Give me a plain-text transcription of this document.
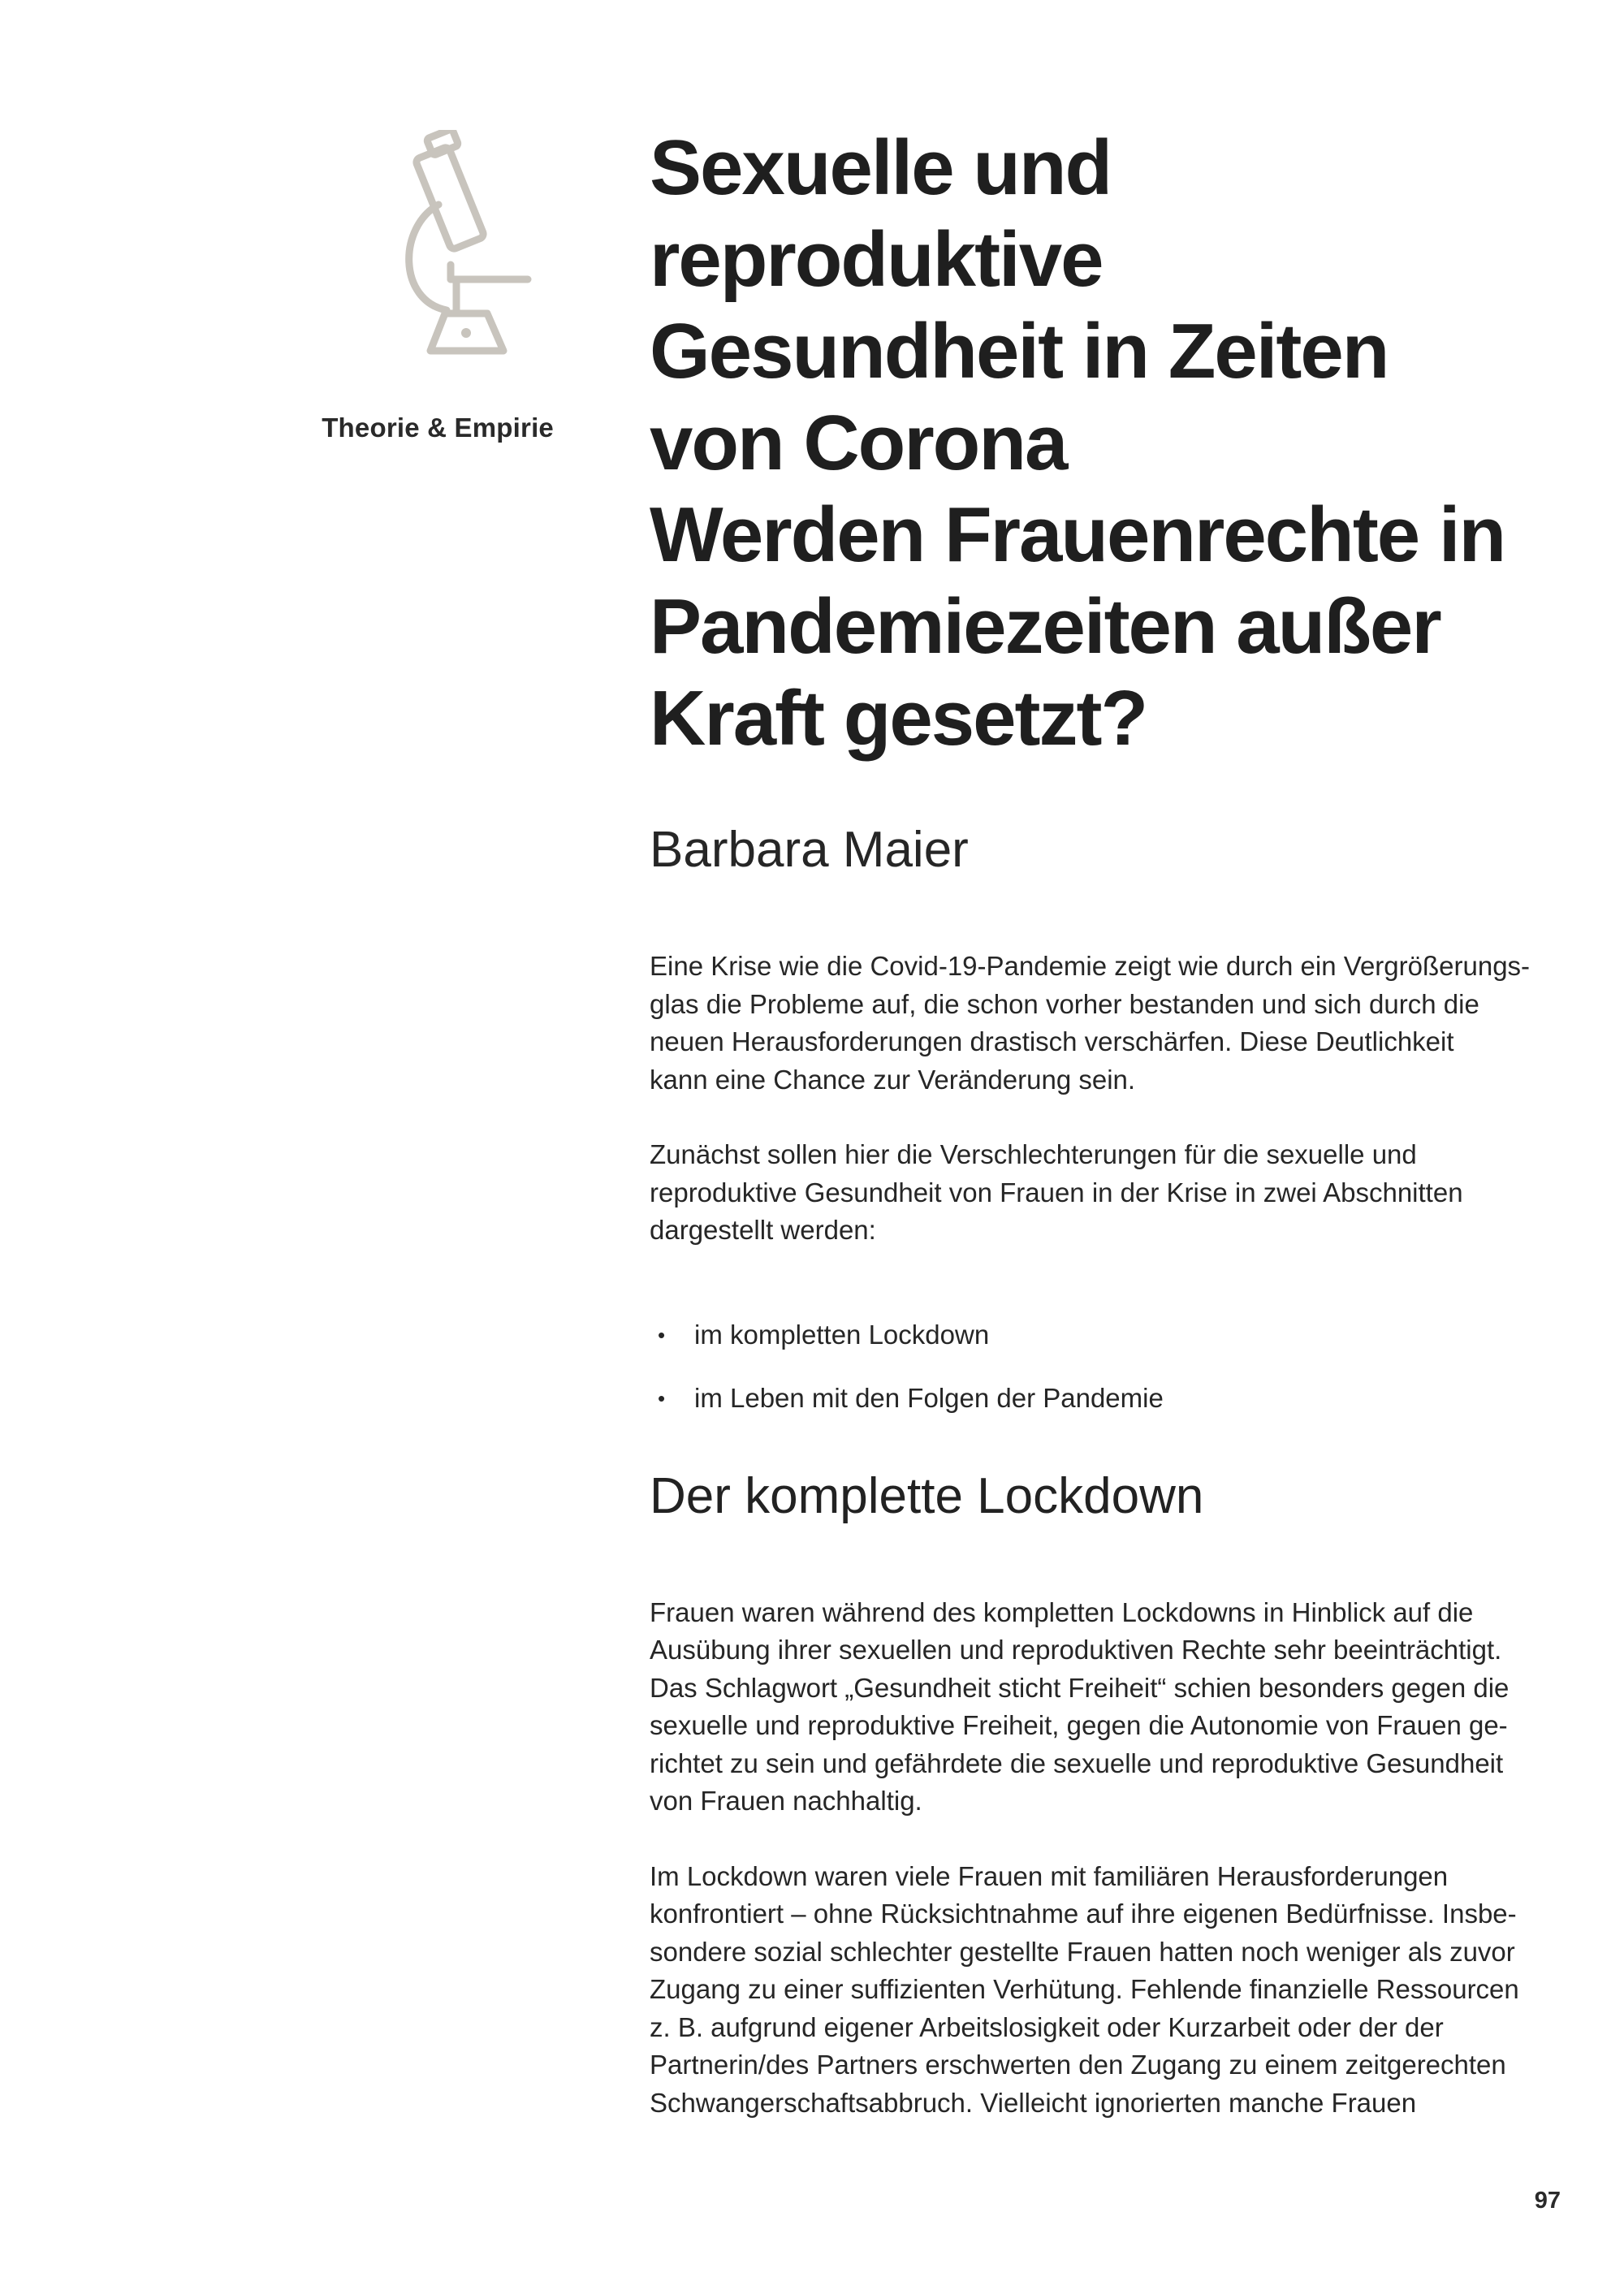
Theorie & Empirie
Sexuelle und reproduktive
Gesundheit in Zeiten
von Corona
Werden Frauenrechte in
Pandemiezeiten außer
Kraft gesetzt?
Barbara Maier

Eine Krise wie die Covid-19-Pandemie zeigt wie durch ein Vergrößerungs-
glas die Probleme auf, die schon vorher bestanden und sich durch die
neuen Herausforderungen drastisch verschärfen. Diese Deutlichkeit
kann eine Chance zur Veränderung sein.

Zunächst sollen hier die Verschlechterungen für die sexuelle und
reproduktive Gesundheit von Frauen in der Krise in zwei Abschnitten
dargestellt werden:

• im kompletten Lockdown
• im Leben mit den Folgen der Pandemie
Der komplette Lockdown

Frauen waren während des kompletten Lockdowns in Hinblick auf die
Ausübung ihrer sexuellen und reproduktiven Rechte sehr beeinträchtigt.
Das Schlagwort „Gesundheit sticht Freiheit“ schien besonders gegen die
sexuelle und reproduktive Freiheit, gegen die Autonomie von Frauen ge-
richtet zu sein und gefährdete die sexuelle und reproduktive Gesundheit
von Frauen nachhaltig.

Im Lockdown waren viele Frauen mit familiären Herausforderungen
konfrontiert – ohne Rücksichtnahme auf ihre eigenen Bedürfnisse. Insbe-
sondere sozial schlechter gestellte Frauen hatten noch weniger als zuvor
Zugang zu einer suffizienten Verhütung. Fehlende finanzielle Ressourcen
z. B. aufgrund eigener Arbeitslosigkeit oder Kurzarbeit oder der der
Partnerin/des Partners erschwerten den Zugang zu einem zeitgerechten
Schwangerschaftsabbruch. Vielleicht ignorierten manche Frauen

97
